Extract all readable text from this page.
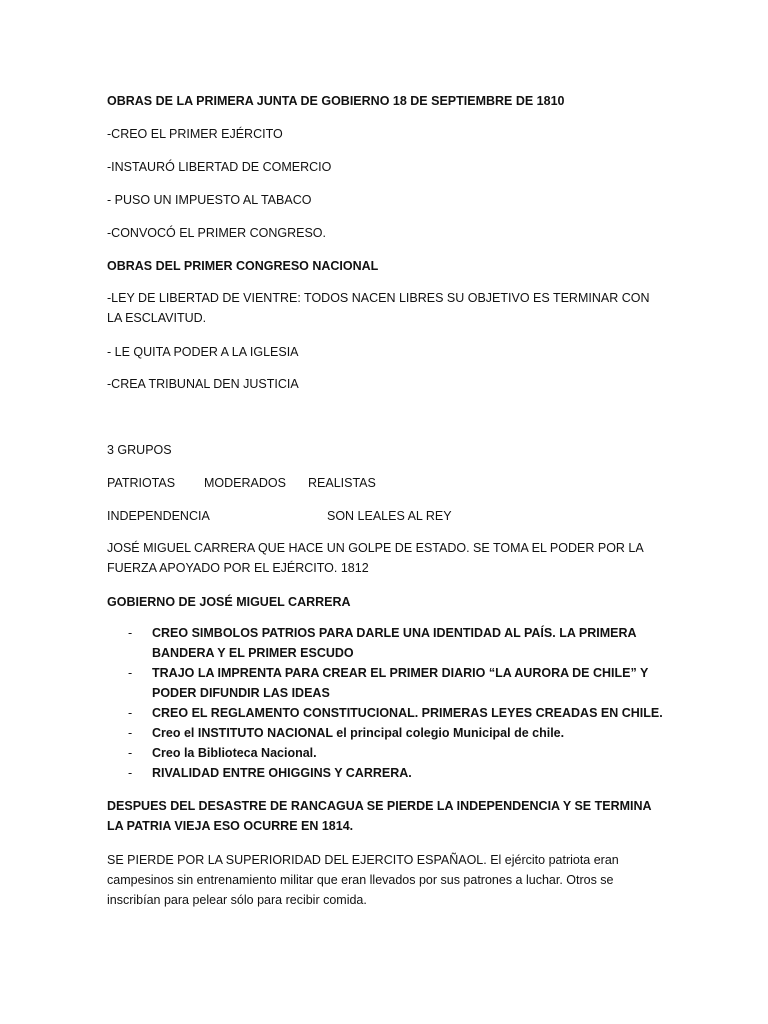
OBRAS DE LA PRIMERA JUNTA DE GOBIERNO 18 DE SEPTIEMBRE DE 1810

-CREO EL PRIMER EJÉRCITO

-INSTAURÓ LIBERTAD DE COMERCIO

- PUSO UN IMPUESTO AL TABACO

-CONVOCÓ EL PRIMER CONGRESO.

OBRAS DEL PRIMER CONGRESO NACIONAL

-LEY DE LIBERTAD DE VIENTRE: TODOS NACEN LIBRES SU OBJETIVO ES TERMINAR CON LA ESCLAVITUD.

- LE QUITA PODER A LA IGLESIA

-CREA TRIBUNAL DEN JUSTICIA

3 GRUPOS

PATRIOTAS MODERADOS REALISTAS
INDEPENDENCIA	SON LEALES AL REY

JOSÉ MIGUEL CARRERA QUE HACE UN GOLPE DE ESTADO. SE TOMA EL PODER POR LA FUERZA APOYADO POR EL EJÉRCITO. 1812

GOBIERNO DE JOSÉ MIGUEL CARRERA

- CREO SIMBOLOS PATRIOS PARA DARLE UNA IDENTIDAD AL PAÍS. LA PRIMERA BANDERA Y EL PRIMER ESCUDO
- TRAJO LA IMPRENTA PARA CREAR EL PRIMER DIARIO “LA AURORA DE CHILE” Y PODER DIFUNDIR LAS IDEAS
- CREO EL REGLAMENTO CONSTITUCIONAL. PRIMERAS LEYES CREADAS EN CHILE.
- Creo el INSTITUTO NACIONAL el principal colegio Municipal de chile.
- Creo la Biblioteca Nacional.
- RIVALIDAD ENTRE OHIGGINS Y CARRERA.

DESPUES DEL DESASTRE DE RANCAGUA SE PIERDE LA INDEPENDENCIA Y SE TERMINA LA PATRIA VIEJA ESO OCURRE EN 1814.

SE PIERDE POR LA SUPERIORIDAD DEL EJERCITO ESPAÑAOL. El ejército patriota eran campesinos sin entrenamiento militar que eran llevados por sus patrones a luchar. Otros se inscribían para pelear sólo para recibir comida.
